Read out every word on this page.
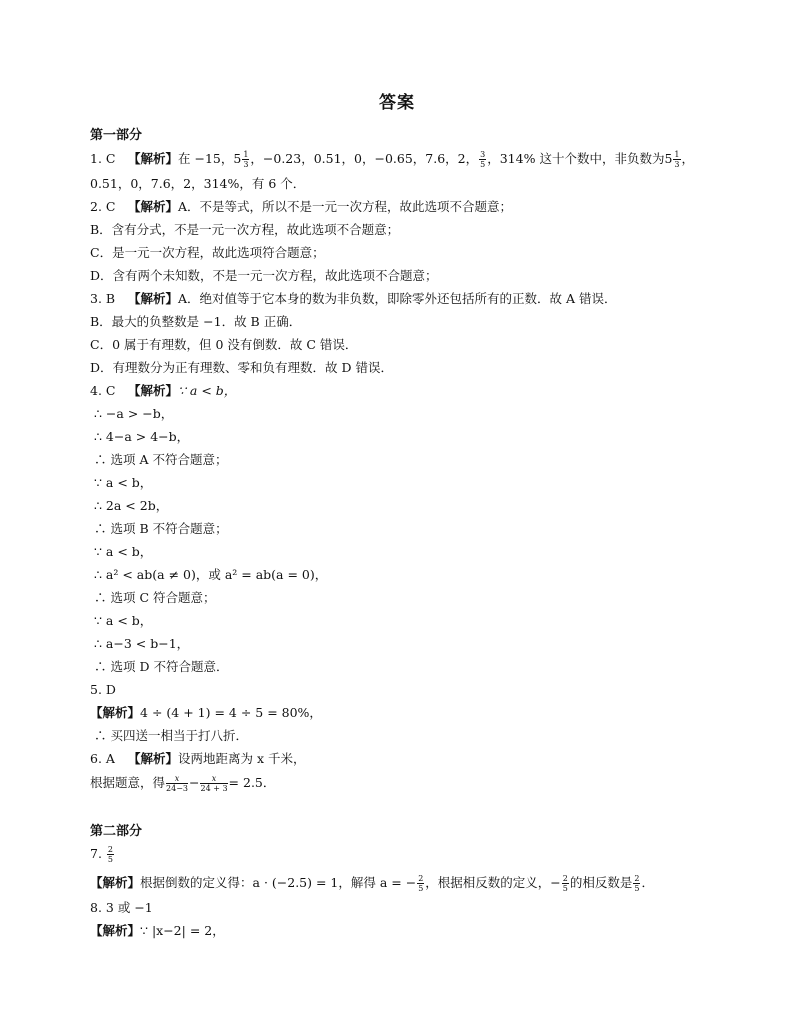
答案
第一部分
1. C 【解析】在 −15，$5 \frac{1}{3}$ ，−0.23，0.51，0，−0.65，7.6，2， $\frac{3}{5}$ ，314% 这十个数中，非负数为$5 \frac{1}{3}$ ，
0.51，0，7.6，2，314%，有 6 个．
2. C 【解析】A．不是等式，所以不是一元一次方程，故此选项不合题意；
B．含有分式，不是一元一次方程，故此选项不合题意；
C．是一元一次方程，故此选项符合题意；
D．含有两个未知数，不是一元一次方程，故此选项不合题意；
3. B 【解析】A．绝对值等于它本身的数为非负数，即除零外还包括所有的正数．故 A 错误．
B．最大的负整数是 −1．故 B 正确．
C．0 属于有理数，但 0 没有倒数．故 C 错误．
D．有理数分为正有理数、零和负有理数．故 D 错误．
4. C 【解析】∵ a < b，
∴ −a > −b，
∴ 4−a > 4−b，
∴ 选项 A 不符合题意；
∵ a < b，
∴ 2a < 2b，
∴ 选项 B 不符合题意；
∵ a < b，
∴ a² < ab(a ≠ 0)，或 a² = ab(a = 0)，
∴ 选项 C 符合题意；
∵ a < b，
∴ a−3 < b−1，
∴ 选项 D 不符合题意．
5. D
【解析】4 ÷ (4 + 1) = 4 ÷ 5 = 80%，
∴ 买四送一相当于打八折．
6. A 【解析】设两地距离为 x 千米，
根据题意，得 $\frac{x}{24-3} - \frac{x}{24 + 3} = 2.5$．
第二部分
7. $\frac{2}{5}$
【解析】根据倒数的定义得：a · (−2.5) = 1，解得 a = − $\frac{2}{5}$ ，根据相反数的定义，− $\frac{2}{5}$ 的相反数是 $\frac{2}{5}$ ．
8. 3 或 −1
【解析】∵ |x−2| = 2，
